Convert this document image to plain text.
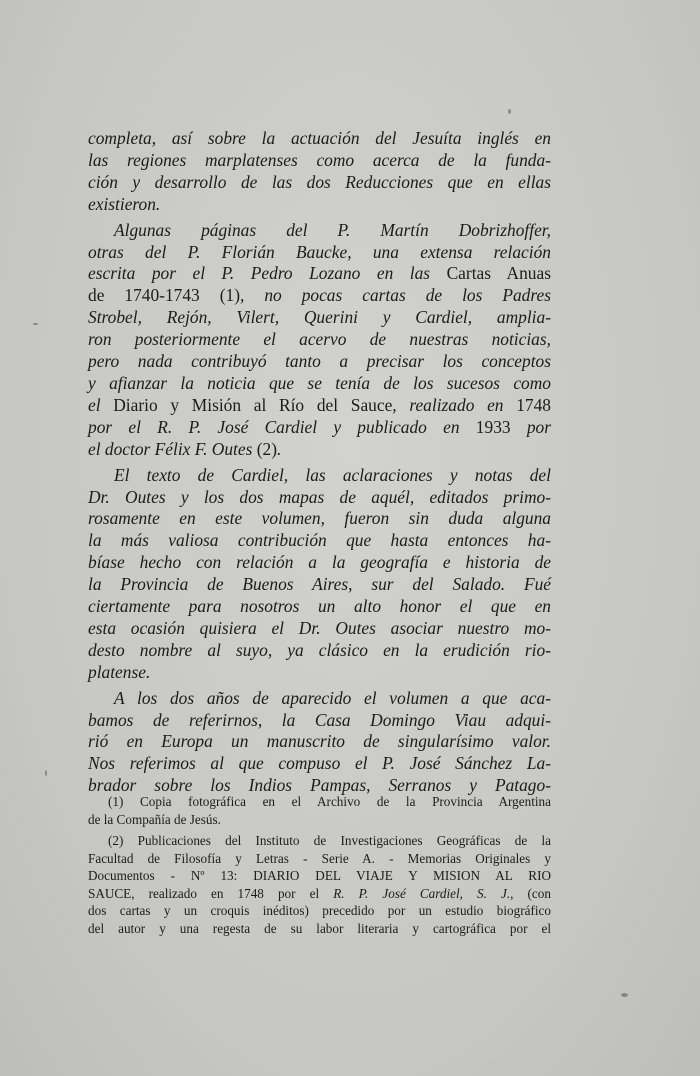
completa, así sobre la actuación del Jesuíta inglés en
las regiones marplatenses como acerca de la funda-
ción y desarrollo de las dos Reducciones que en ellas
existieron.
Algunas páginas del P. Martín Dobrizhoffer,
otras del P. Florián Baucke, una extensa relación
escrita por el P. Pedro Lozano en las Cartas Anuas
de 1740-1743 (1), no pocas cartas de los Padres
Strobel, Rejón, Vilert, Querini y Cardiel, amplia-
ron posteriormente el acervo de nuestras noticias,
pero nada contribuyó tanto a precisar los conceptos
y afianzar la noticia que se tenía de los sucesos como
el Diario y Misión al Río del Sauce, realizado en 1748
por el R. P. José Cardiel y publicado en 1933 por
el doctor Félix F. Outes (2).
El texto de Cardiel, las aclaraciones y notas del
Dr. Outes y los dos mapas de aquél, editados primo-
rosamente en este volumen, fueron sin duda alguna
la más valiosa contribución que hasta entonces ha-
bíase hecho con relación a la geografía e historia de
la Provincia de Buenos Aires, sur del Salado. Fué
ciertamente para nosotros un alto honor el que en
esta ocasión quisiera el Dr. Outes asociar nuestro mo-
desto nombre al suyo, ya clásico en la erudición rio-
platense.
A los dos años de aparecido el volumen a que aca-
bamos de referirnos, la Casa Domingo Viau adqui-
rió en Europa un manuscrito de singularísimo valor.
Nos referimos al que compuso el P. José Sánchez La-
brador sobre los Indios Pampas, Serranos y Patago-
(1) Copia fotográfica en el Archivo de la Provincia Argentina
de la Compañía de Jesús.
(2) Publicaciones del Instituto de Investigaciones Geográficas de la
Facultad de Filosofía y Letras - Serie A. - Memorias Originales y
Documentos - Nº 13: DIARIO DEL VIAJE Y MISION AL RIO
SAUCE, realizado en 1748 por el R. P. José Cardiel, S. J., (con
dos cartas y un croquis inéditos) precedido por un estudio biográfico
del autor y una regesta de su labor literaria y cartográfica por el
